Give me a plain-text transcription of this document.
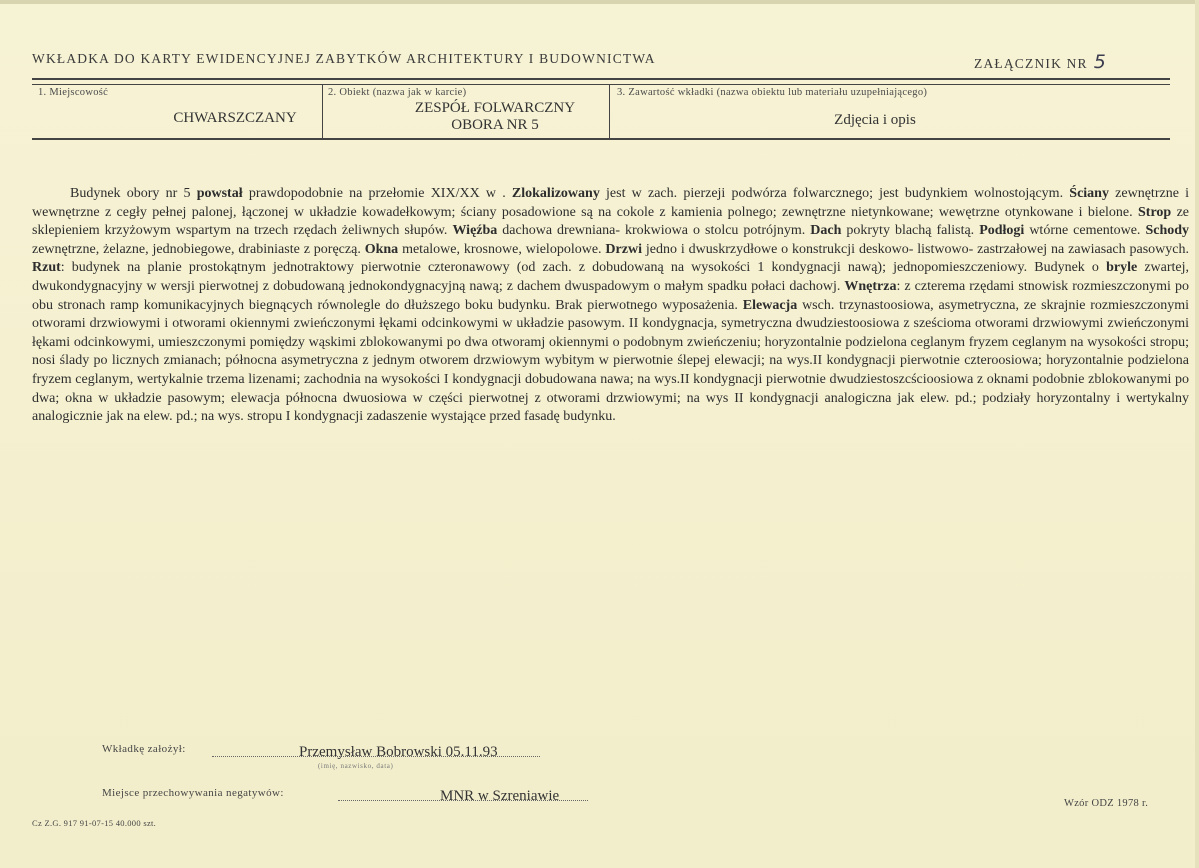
WKŁADKA DO KARTY EWIDENCYJNEJ ZABYTKÓW ARCHITEKTURY I BUDOWNICTWA	ZAŁĄCZNIK NR 5
1. Miejscowość
CHWARSZCZANY
2. Obiekt (nazwa jak w karcie)
ZESPÓŁ FOLWARCZNY
OBORA NR 5
3. Zawartość wkładki (nazwa obiektu lub materiału uzupełniającego)
Zdjęcia i opis
Budynek obory nr 5 powstał prawdopodobnie na przełomie XIX/XX w . Zlokalizowany jest w zach. pierzeji podwórza folwarcznego; jest budynkiem wolnostojącym. Ściany zewnętrzne i wewnętrzne z cegły pełnej palonej, łączonej w układzie kowadełkowym; ściany posadowione są na cokole z kamienia polnego; zewnętrzne nietynkowane; wewętrzne otynkowane i bielone. Strop ze sklepieniem krzyżowym wspartym na trzech rzędach żeliwnych słupów. Więźba dachowa drewniana- krokwiowa o stolcu potrójnym. Dach pokryty blachą falistą. Podłogi wtórne cementowe. Schody zewnętrzne, żelazne, jednobiegowe, drabiniaste z poręczą. Okna metalowe, krosnowe, wielopolowe. Drzwi jedno i dwuskrzydłowe o konstrukcji deskowo- listwowo- zastrzałowej na zawiasach pasowych. Rzut: budynek na planie prostokątnym jednotraktowy pierwotnie czteronawowy (od zach. z dobudowaną na wysokości 1 kondygnacji nawą); jednopomieszczeniowy. Budynek o bryle zwartej, dwukondygnacyjny w wersji pierwotnej z dobudowaną jednokondygnacyjną nawą; z dachem dwuspadowym o małym spadku połaci dachowj. Wnętrza: z czterema rzędami stnowisk rozmieszczonymi po obu stronach ramp komunikacyjnych biegnących równolegle do dłuższego boku budynku. Brak pierwotnego wyposażenia. Elewacja wsch. trzynastoosiowa, asymetryczna, ze skrajnie rozmieszczonymi otworami drzwiowymi i otworami okiennymi zwieńczonymi łękami odcinkowymi w układzie pasowym. II kondygnacja, symetryczna dwudziestoosiowa z sześcioma otworami drzwiowymi zwieńczonymi łękami odcinkowymi, umieszczonymi pomiędzy wąskimi zblokowanymi po dwa otworamj okiennymi o podobnym zwieńczeniu; horyzontalnie podzielona ceglanym fryzem ceglanym na wysokości stropu; nosi ślady po licznych zmianach; północna asymetryczna z jednym otworem drzwiowym wybitym w pierwotnie ślepej elewacji; na wys.II kondygnacji pierwotnie czteroosiowa; horyzontalnie podzielona fryzem ceglanym, wertykalnie trzema lizenami; zachodnia na wysokości I kondygnacji dobudowana nawa; na wys.II kondygnacji pierwotnie dwudziestoszcścioosiowa z oknami podobnie zblokowanymi po dwa; okna w układzie pasowym; elewacja północna dwuosiowa w części pierwotnej z otworami drzwiowymi; na wys II kondygnacji analogiczna jak elew. pd.; podziały horyzontalny i wertykalny analogicznie jak na elew. pd.; na wys. stropu I kondygnacji zadaszenie wystające przed fasadę budynku.
Wkładkę założył:	Przemysław Bobrowski 05.11.93
(imię, nazwisko, data)
Miejsce przechowywania negatywów:	MNR w Szreniawie	Wzór ODZ 1978 r.
Cz Z.G. 917 91-07-15 40.000 szt.
